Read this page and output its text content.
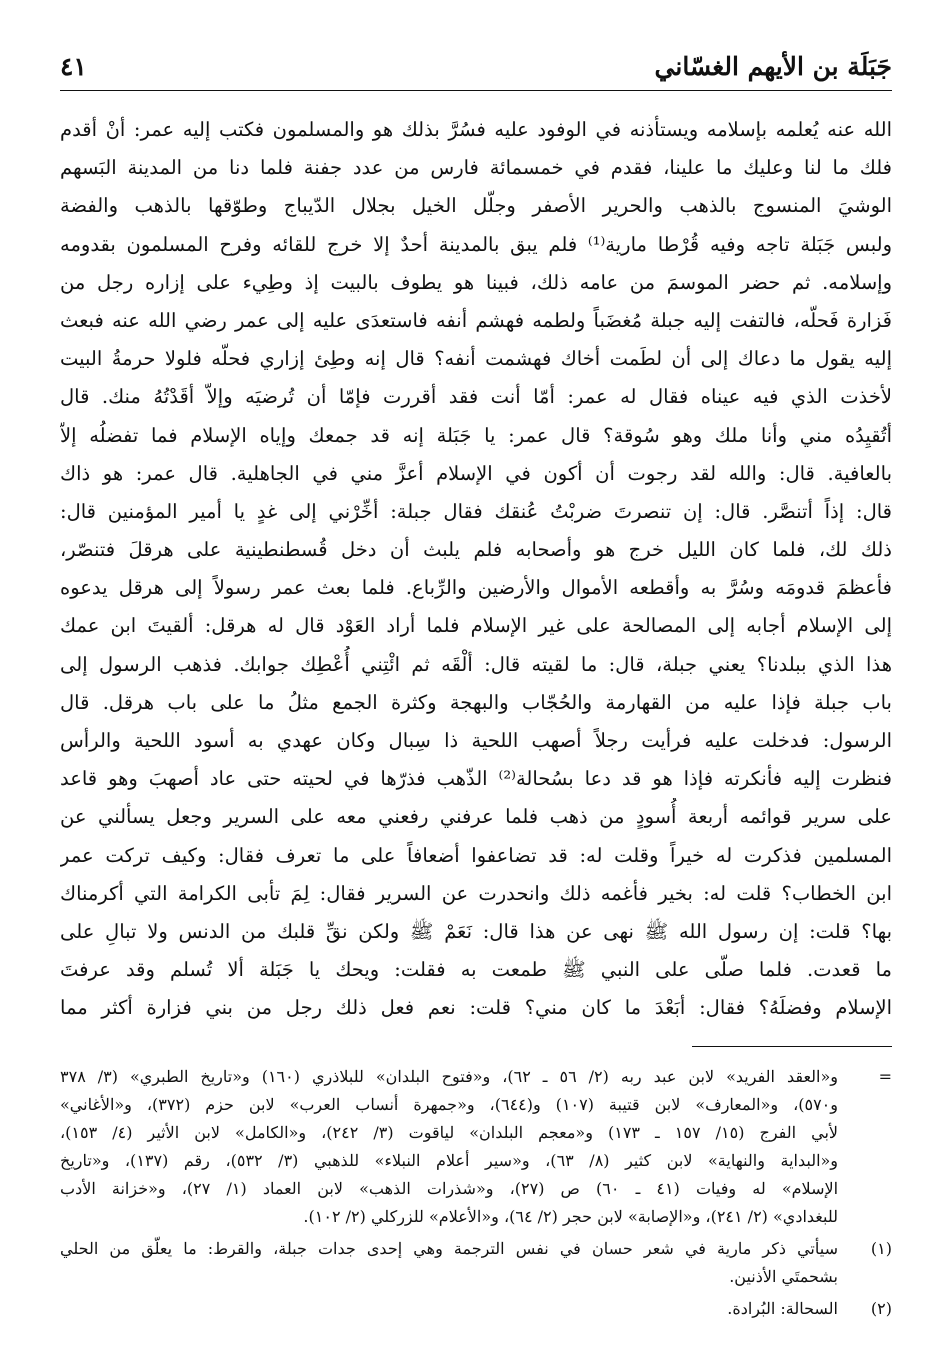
جَبَلَة بن الأيهم الغسّاني
٤١
الله عنه يُعلمه بإسلامه ويستأذنه في الوفود عليه فسُرَّ بذلك هو والمسلمون فكتب إليه عمر: أنْ أقدم
فلك ما لنا وعليك ما علينا، فقدم في خمسمائة فارس من عدد جفنة فلما دنا من المدينة البَسهم
الوشيَ المنسوج بالذهب والحرير الأصفر وجلّل الخيل بجلال الدّيباج وطوّقها بالذهب والفضة
ولبس جَبَلة تاجه وفيه قُرْطا مارية⁽¹⁾ فلم يبق بالمدينة أحدٌ إلا خرج للقائه وفرح المسلمون بقدومه
وإسلامه. ثم حضر الموسمَ من عامه ذلك، فبينا هو يطوف بالبيت إذ وطِيء على إزاره رجل من
فَزارة فَحلّه، فالتفت إليه جبلة مُغضَباً ولطمه فهشم أنفه فاستعدَى عليه إلى عمر رضي الله عنه فبعث
إليه يقول ما دعاك إلى أن لطَمت أخاك فهشمت أنفه؟ قال إنه وطِئ إزاري فحلّه فلولا حرمةُ البيت
لأخذت الذي فيه عيناه فقال له عمر: أمّا أنت فقد أقررت فإمّا أن تُرضيَه وإلاّ أقَدْتُهُ منك. قال
أتُقيِدُه مني وأنا ملك وهو سُوقة؟ قال عمر: يا جَبَلة إنه قد جمعك وإياه الإسلام فما تفضلُه إلاّ
بالعافية. قال: والله لقد رجوت أن أكون في الإسلام أعزَّ مني في الجاهلية. قال عمر: هو ذاك
قال: إذاً أتنصَّر. قال: إن تنصرتَ ضربْتُ عُنقك فقال جبلة: أخِّرْني إلى غدٍ يا أمير المؤمنين قال:
ذلك لك، فلما كان الليل خرج هو وأصحابه فلم يلبث أن دخل قُسطنطينية على هرقلَ فتنصّر،
فأعظمَ قدومَه وسُرَّ به وأقطعه الأموال والأرضين والرِّباع. فلما بعث عمر رسولاً إلى هرقل يدعوه
إلى الإسلام أجابه إلى المصالحة على غير الإسلام فلما أراد العَوْد قال له هرقل: ألقيتَ ابن عمك
هذا الذي ببلدنا؟ يعني جبلة، قال: ما لقيته قال: ألْقَه ثم ائْتِني أُعْطِك جوابك. فذهب الرسول إلى
باب جبلة فإذا عليه من القهارمة والحُجّاب والبهجة وكثرة الجمع مثلُ ما على باب هرقل. قال
الرسول: فدخلت عليه فرأيت رجلاً أصهب اللحية ذا سِبال وكان عهدي به أسود اللحية والرأس
فنظرت إليه فأنكرته فإذا هو قد دعا بسُحالة⁽²⁾ الذّهب فذرّها في لحيته حتى عاد أصهبَ وهو قاعد
على سرير قوائمه أربعة أُسودٍ من ذهب فلما عرفني رفعني معه على السرير وجعل يسألني عن
المسلمين فذكرت له خيراً وقلت له: قد تضاعفوا أضعافاً على ما تعرف فقال: وكيف تركت عمر
ابن الخطاب؟ قلت له: بخير فأغمه ذلك وانحدرت عن السرير فقال: لِمَ تأبى الكرامة التي أكرمناك
بها؟ قلت: إن رسول الله ﷺ نهى عن هذا قال: نَعَمْ ﷺ ولكن نقِّ قلبك من الدنس ولا تبالِ على
ما قعدت. فلما صلّى على النبي ﷺ طمعت به فقلت: ويحك يا جَبَلة ألا تُسلم وقد عرفتَ
الإسلام وفضلَهُ؟ فقال: أبَعْدَ ما كان مني؟ قلت: نعم فعل ذلك رجل من بني فزارة أكثر مما
=
و«العقد الفريد» لابن عبد ربه (٢/ ٥٦ ـ ٦٢)، و«فتوح البلدان» للبلاذري (١٦٠) و«تاريخ الطبري» (٣/ ٣٧٨
و٥٧٠)، و«المعارف» لابن قتيبة (١٠٧) و(٦٤٤)، و«جمهرة أنساب العرب» لابن حزم (٣٧٢)، و«الأغاني»
لأبي الفرج (١٥/ ١٥٧ ـ ١٧٣) و«معجم البلدان» لياقوت (٣/ ٢٤٢)، و«الكامل» لابن الأثير (٤/ ١٥٣)،
و«البداية والنهاية» لابن كثير (٨/ ٦٣)، و«سير أعلام النبلاء» للذهبي (٣/ ٥٣٢)، رقم (١٣٧)، و«تاريخ
الإسلام» له وفيات (٤١ ـ ٦٠) ص (٢٧)، و«شذرات الذهب» لابن العماد (١/ ٢٧)، و«خزانة الأدب
للبغدادي» (٢/ ٢٤١)، و«الإصابة» لابن حجر (٢/ ٦٤)، و«الأعلام» للزركلي (٢/ ١٠٢).
(١)
سيأتي ذكر مارية في شعر حسان في نفس الترجمة وهي إحدى جدات جبلة، والقرط: ما يعلّق من الحلي
بشحمتَي الأذنين.
(٢)
السحالة: البُرادة.
